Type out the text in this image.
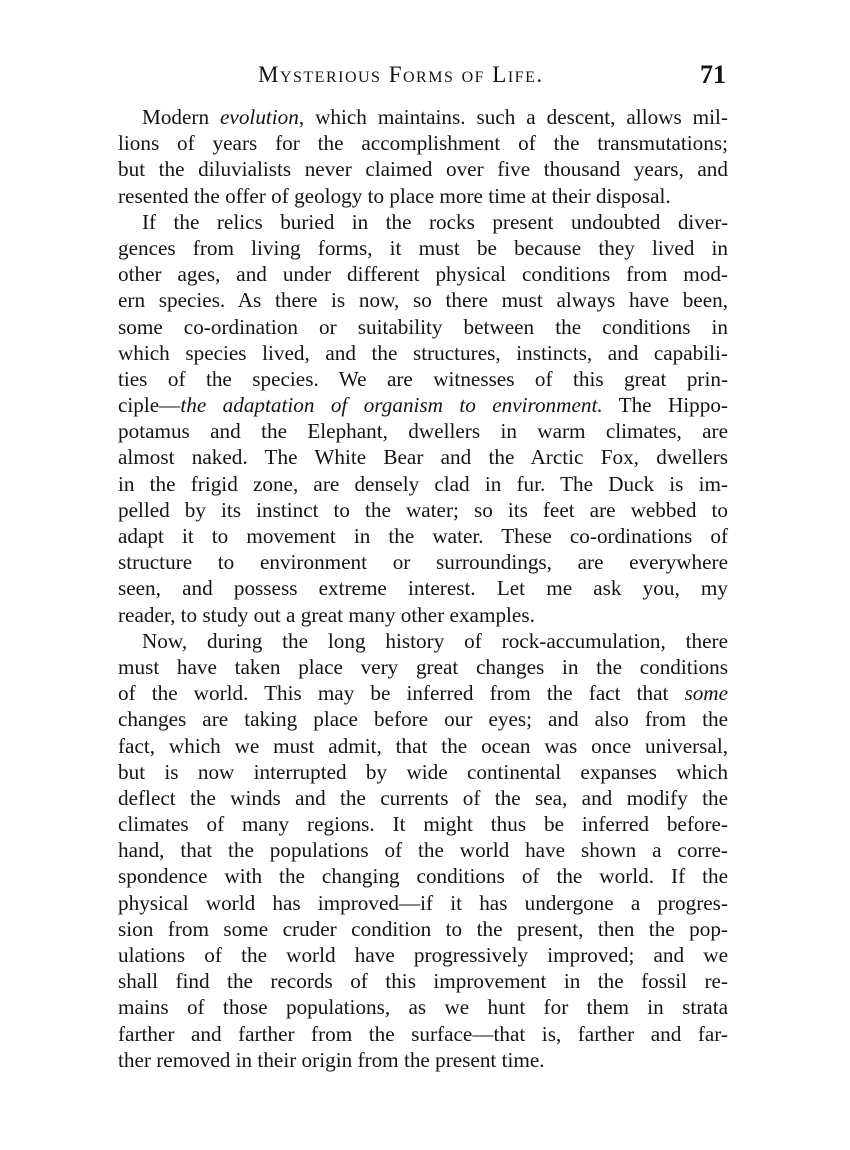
Mysterious Forms of Life.	71
Modern evolution, which maintains. such a descent, allows mil-
lions of years for the accomplishment of the transmutations;
but the diluvialists never claimed over five thousand years, and
resented the offer of geology to place more time at their disposal.
If the relics buried in the rocks present undoubted diver-
gences from living forms, it must be because they lived in
other ages, and under different physical conditions from mod-
ern species. As there is now, so there must always have been,
some co-ordination or suitability between the conditions in
which species lived, and the structures, instincts, and capabili-
ties of the species. We are witnesses of this great prin-
ciple—the adaptation of organism to environment. The Hippo-
potamus and the Elephant, dwellers in warm climates, are
almost naked. The White Bear and the Arctic Fox, dwellers
in the frigid zone, are densely clad in fur. The Duck is im-
pelled by its instinct to the water; so its feet are webbed to
adapt it to movement in the water. These co-ordinations of
structure to environment or surroundings, are everywhere
seen, and possess extreme interest. Let me ask you, my
reader, to study out a great many other examples.
Now, during the long history of rock-accumulation, there
must have taken place very great changes in the conditions
of the world. This may be inferred from the fact that some
changes are taking place before our eyes; and also from the
fact, which we must admit, that the ocean was once universal,
but is now interrupted by wide continental expanses which
deflect the winds and the currents of the sea, and modify the
climates of many regions. It might thus be inferred before-
hand, that the populations of the world have shown a corre-
spondence with the changing conditions of the world. If the
physical world has improved—if it has undergone a progres-
sion from some cruder condition to the present, then the pop-
ulations of the world have progressively improved; and we
shall find the records of this improvement in the fossil re-
mains of those populations, as we hunt for them in strata
farther and farther from the surface—that is, farther and far-
ther removed in their origin from the present time.
